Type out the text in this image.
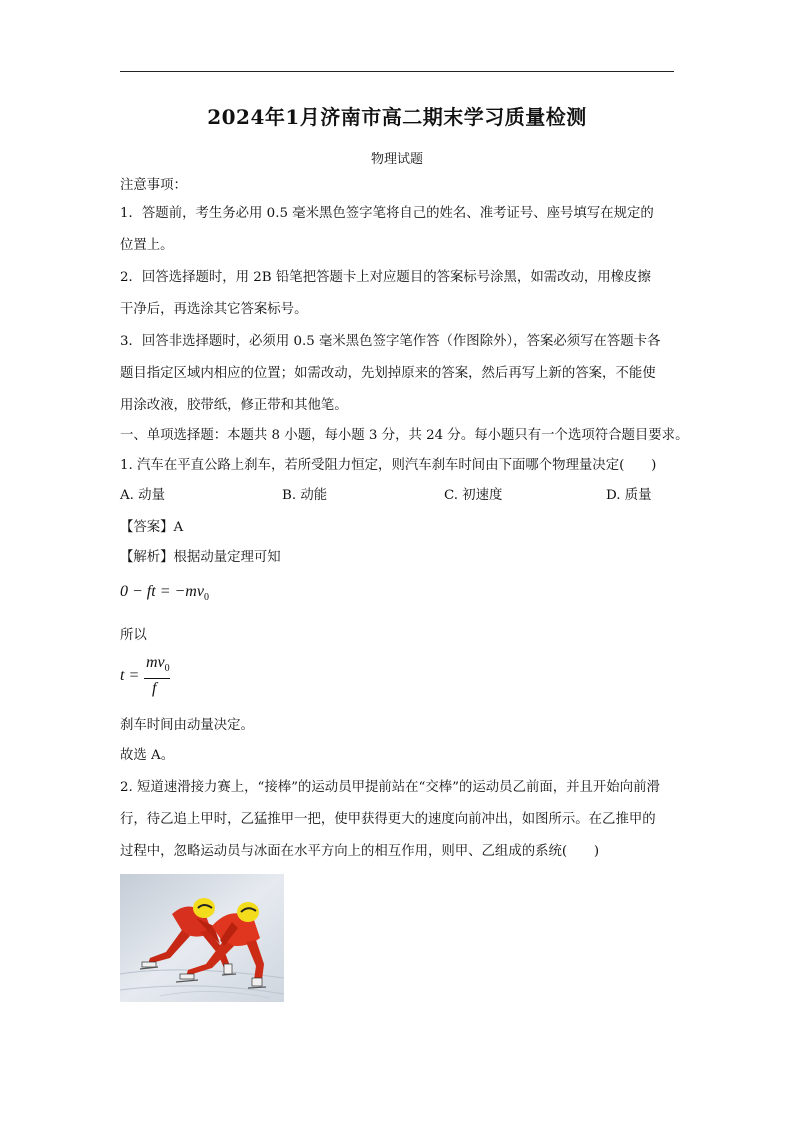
2024年1月济南市高二期末学习质量检测
物理试题
注意事项：
1．答题前，考生务必用 0.5 毫米黑色签字笔将自己的姓名、准考证号、座号填写在规定的
位置上。
2．回答选择题时，用 2B 铅笔把答题卡上对应题目的答案标号涂黑，如需改动，用橡皮擦
干净后，再选涂其它答案标号。
3．回答非选择题时，必须用 0.5 毫米黑色签字笔作答（作图除外），答案必须写在答题卡各
题目指定区域内相应的位置；如需改动，先划掉原来的答案，然后再写上新的答案，不能使
用涂改液，胶带纸，修正带和其他笔。
一、单项选择题：本题共 8 小题，每小题 3 分，共 24 分。每小题只有一个选项符合题目要求。
1. 汽车在平直公路上刹车，若所受阻力恒定，则汽车刹车时间由下面哪个物理量决定(　　)
A. 动量	B. 动能	C. 初速度	D. 质量
【答案】A
【解析】根据动量定理可知
0 − ft = $-mv_0$
所以
t =
$mv_0$
f
刹车时间由动量决定。
故选 A。
2. 短道速滑接力赛上，“接棒”的运动员甲提前站在“交棒”的运动员乙前面，并且开始向前滑
行，待乙追上甲时，乙猛推甲一把，使甲获得更大的速度向前冲出，如图所示。在乙推甲的
过程中，忽略运动员与冰面在水平方向上的相互作用，则甲、乙组成的系统(　　)
